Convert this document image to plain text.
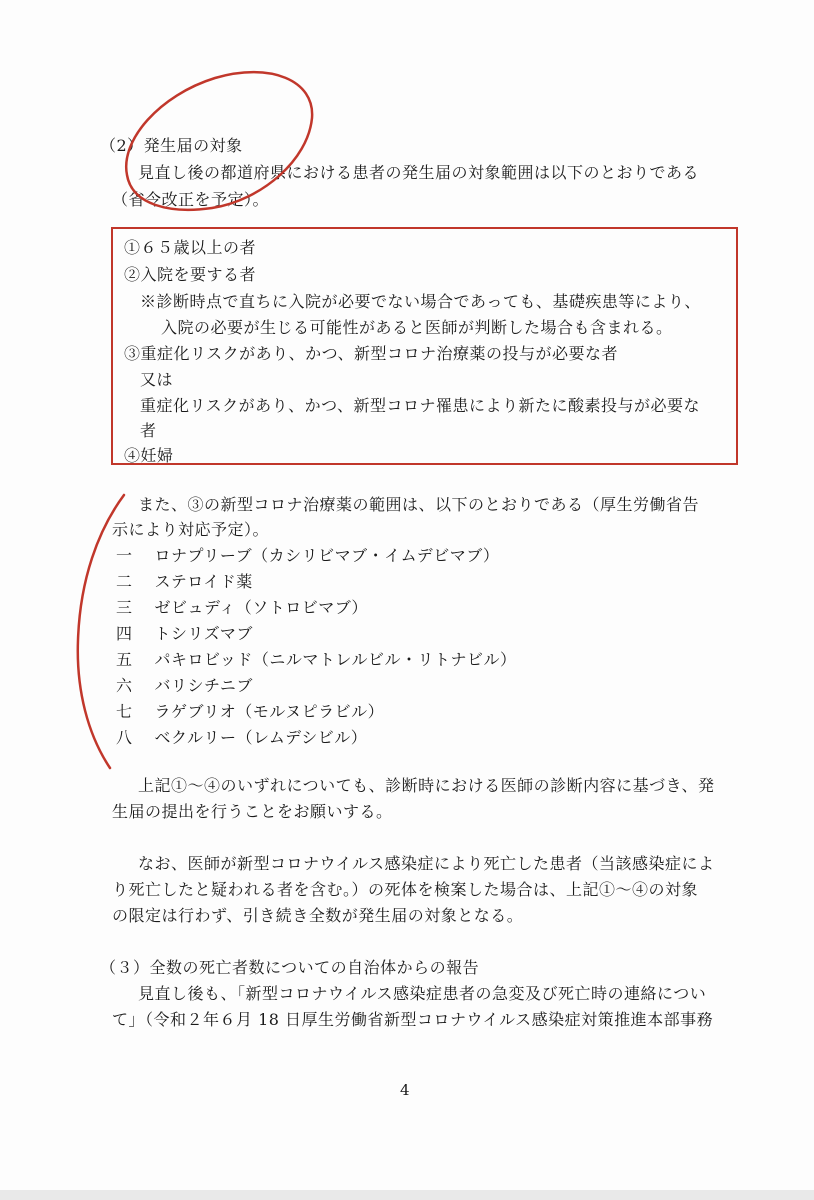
（2）発生届の対象
見直し後の都道府県における患者の発生届の対象範囲は以下のとおりである
（省令改正を予定）。
①６５歳以上の者
②入院を要する者
※診断時点で直ちに入院が必要でない場合であっても、基礎疾患等により、
入院の必要が生じる可能性があると医師が判断した場合も含まれる。
③重症化リスクがあり、かつ、新型コロナ治療薬の投与が必要な者
又は
重症化リスクがあり、かつ、新型コロナ罹患により新たに酸素投与が必要な
者
④妊婦
また、③の新型コロナ治療薬の範囲は、以下のとおりである（厚生労働省告
示により対応予定）。
一 ロナプリーブ（カシリビマブ・イムデビマブ）
二 ステロイド薬
三 ゼビュディ（ソトロビマブ）
四 トシリズマブ
五 パキロビッド（ニルマトレルビル・リトナビル）
六 バリシチニブ
七 ラゲブリオ（モルヌピラビル）
八 ベクルリー（レムデシビル）
上記①～④のいずれについても、診断時における医師の診断内容に基づき、発
生届の提出を行うことをお願いする。
なお、医師が新型コロナウイルス感染症により死亡した患者（当該感染症によ
り死亡したと疑われる者を含む。）の死体を検案した場合は、上記①～④の対象
の限定は行わず、引き続き全数が発生届の対象となる。
（３）全数の死亡者数についての自治体からの報告
見直し後も、「新型コロナウイルス感染症患者の急変及び死亡時の連絡につい
て」（令和２年６月 18 日厚生労働省新型コロナウイルス感染症対策推進本部事務
4
